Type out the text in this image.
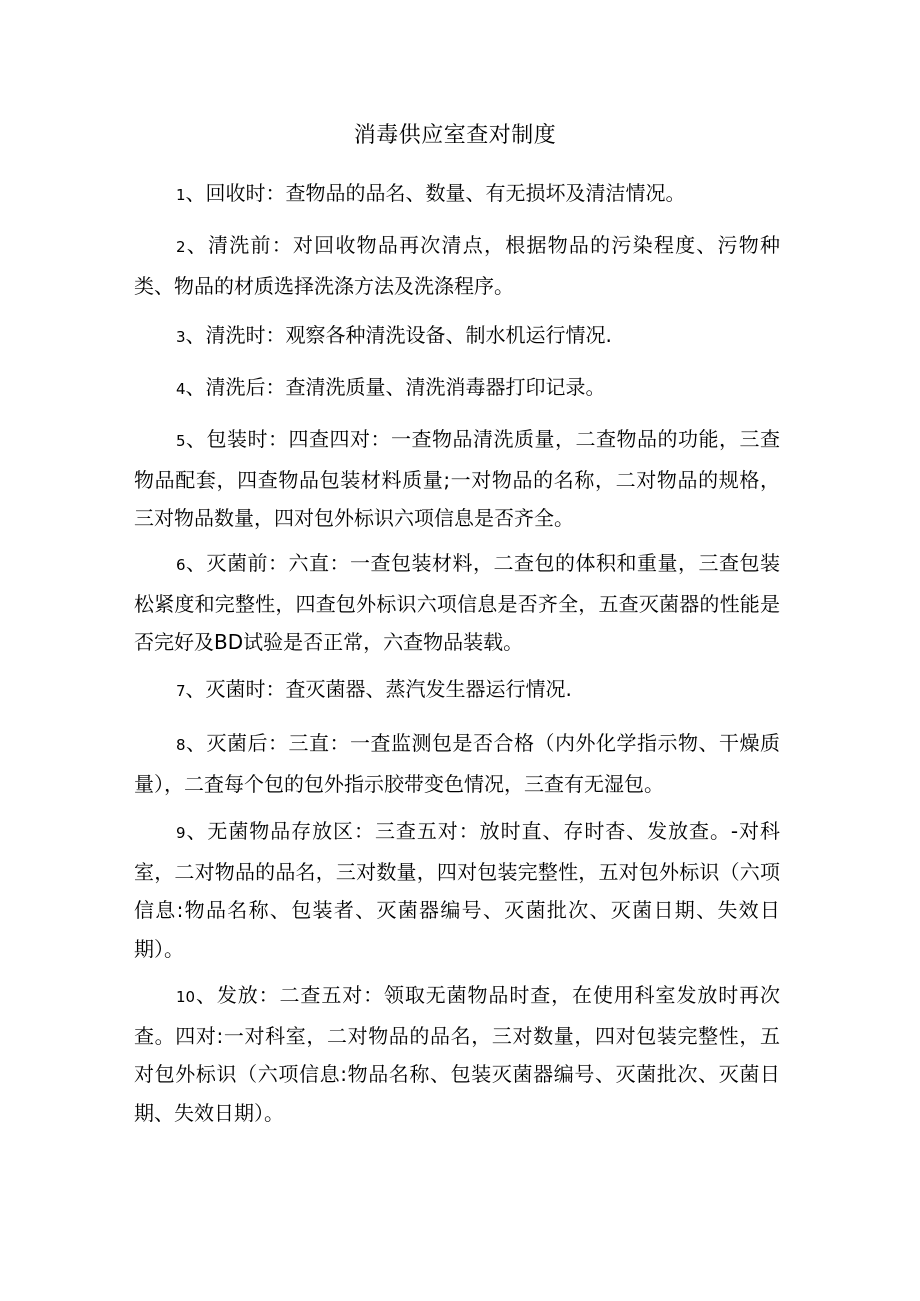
消毒供应室查对制度

1、回收时：查物品的品名、数量、有无损坏及清洁情况。

2、清洗前：对回收物品再次清点，根据物品的污染程度、污物种类、物品的材质选择洗涤方法及洗涤程序。

3、清洗时：观察各种清洗设备、制水机运行情况.

4、清洗后：查清洗质量、清洗消毒器打印记录。

5、包装时：四查四对：一查物品清洗质量，二查物品的功能，三查物品配套，四查物品包装材料质量;一对物品的名称，二对物品的规格，三对物品数量，四对包外标识六项信息是否齐全。

6、灭菌前：六直：一查包装材料，二查包的体积和重量，三查包装松紧度和完整性，四查包外标识六项信息是否齐全，五查灭菌器的性能是否完好及BD试验是否正常，六查物品装载。

7、灭菌时：査灭菌器、蒸汽发生器运行情况.

8、灭菌后：三直：一査监测包是否合格（内外化学指示物、干燥质量），二査每个包的包外指示胶带变色情况，三查有无湿包。

9、无菌物品存放区：三查五对：放时直、存时杳、发放查。-对科室，二对物品的品名，三对数量，四对包装完整性，五对包外标识（六项信息:物品名称、包装者、灭菌器编号、灭菌批次、灭菌日期、失效日期）。

10、发放：二查五对：领取无菌物品时查，在使用科室发放时再次查。四对:一对科室，二对物品的品名，三对数量，四对包装完整性，五对包外标识（六项信息:物品名称、包装灭菌器编号、灭菌批次、灭菌日期、失效日期）。
